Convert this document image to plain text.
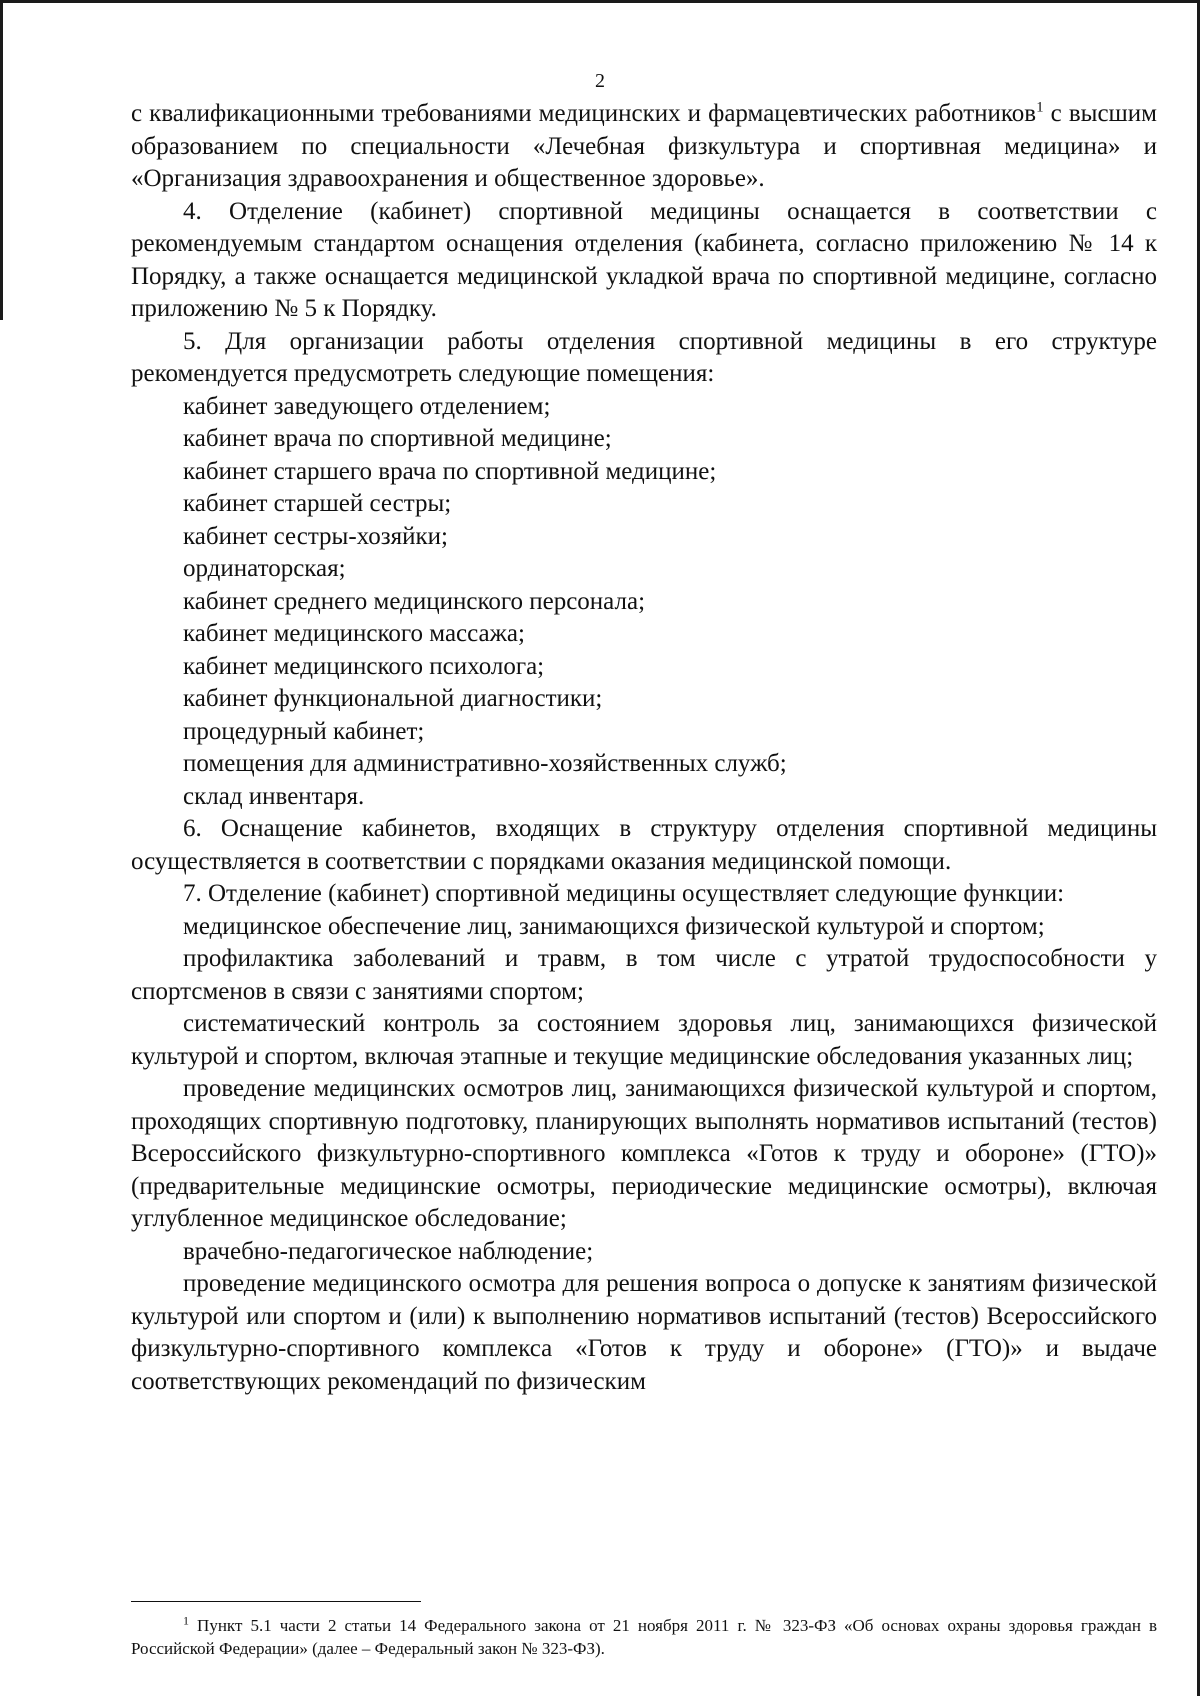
2

с квалификационными требованиями медицинских и фармацевтических работников$^1$ с высшим образованием по специальности «Лечебная физкультура и спортивная медицина» и «Организация здравоохранения и общественное здоровье».

4. Отделение (кабинет) спортивной медицины оснащается в соответствии с рекомендуемым стандартом оснащения отделения (кабинета, согласно приложению № 14 к Порядку, а также оснащается медицинской укладкой врача по спортивной медицине, согласно приложению № 5 к Порядку.

5. Для организации работы отделения спортивной медицины в его структуре рекомендуется предусмотреть следующие помещения:

кабинет заведующего отделением;

кабинет врача по спортивной медицине;

кабинет старшего врача по спортивной медицине;

кабинет старшей сестры;

кабинет сестры-хозяйки;

ординаторская;

кабинет среднего медицинского персонала;

кабинет медицинского массажа;

кабинет медицинского психолога;

кабинет функциональной диагностики;

процедурный кабинет;

помещения для административно-хозяйственных служб;

склад инвентаря.

6. Оснащение кабинетов, входящих в структуру отделения спортивной медицины осуществляется в соответствии с порядками оказания медицинской помощи.

7. Отделение (кабинет) спортивной медицины осуществляет следующие функции:

медицинское обеспечение лиц, занимающихся физической культурой и спортом;

профилактика заболеваний и травм, в том числе с утратой трудоспособности у спортсменов в связи с занятиями спортом;

систематический контроль за состоянием здоровья лиц, занимающихся физической культурой и спортом, включая этапные и текущие медицинские обследования указанных лиц;

проведение медицинских осмотров лиц, занимающихся физической культурой и спортом, проходящих спортивную подготовку, планирующих выполнять нормативов испытаний (тестов) Всероссийского физкультурно-спортивного комплекса «Готов к труду и обороне» (ГТО)» (предварительные медицинские осмотры, периодические медицинские осмотры), включая углубленное медицинское обследование;

врачебно-педагогическое наблюдение;

проведение медицинского осмотра для решения вопроса о допуске к занятиям физической культурой или спортом и (или) к выполнению нормативов испытаний (тестов) Всероссийского физкультурно-спортивного комплекса «Готов к труду и обороне» (ГТО)» и выдаче соответствующих рекомендаций по физическим

$^1$ Пункт 5.1 части 2 статьи 14 Федерального закона от 21 ноября 2011 г. № 323-ФЗ «Об основах охраны здоровья граждан в Российской Федерации» (далее – Федеральный закон № 323-ФЗ).
